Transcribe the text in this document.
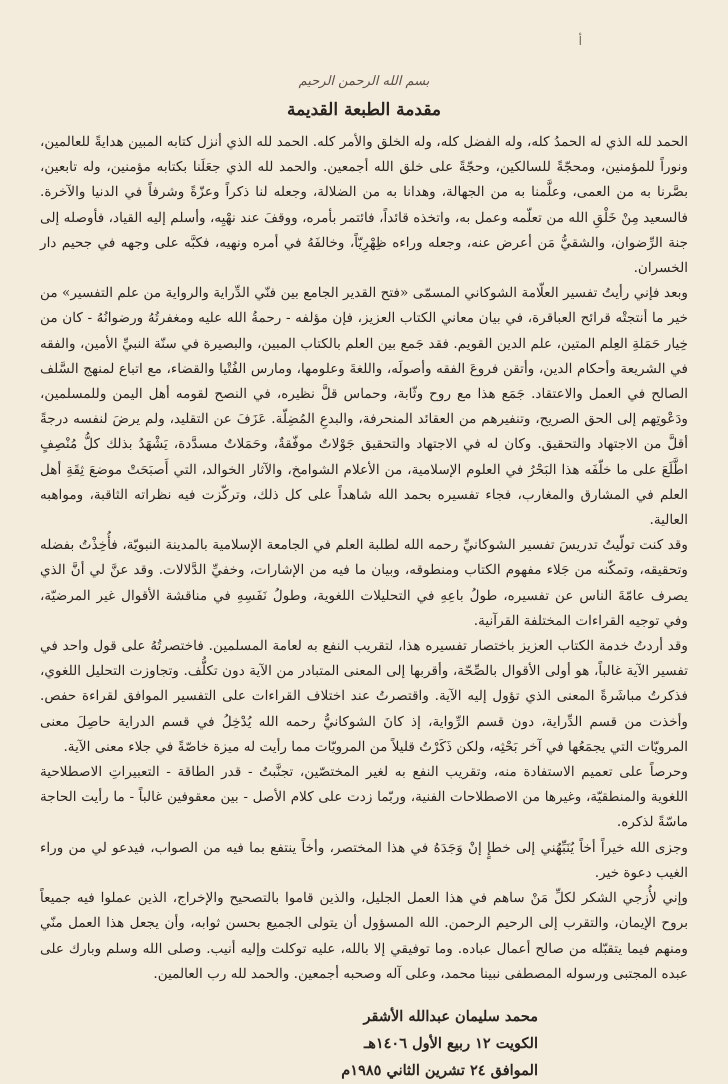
أ
بسم الله الرحمن الرحيم
مقدمة الطبعة القديمة

الحمد لله الذي له الحمدُ كله، وله الفضل كله، وله الخلق والأمر كله. الحمد لله الذي أنزل كتابه المبين هدايةً للعالمين، ونوراً للمؤمنين، ومحجّةً للسالكين، وحجّةً على خلق الله أجمعين. والحمد لله الذي جعَلَنا بكتابه مؤمنين، وله تابعين، بصَّرنا به من العمى، وعلَّمنا به من الجهالة، وهدانا به من الضلالة، وجعله لنا ذكراً وعزّةً وشرفاً في الدنيا والآخرة. فالسعيد مِنْ خَلْقِ الله من تعلّمه وعمل به، واتخذه قائداً، فائتمر بأمره، ووقفَ عند نهْيِه، وأسلم إليه القياد، فأوصله إلى جنة الرِّضوان، والشقيُّ مَن أعرض عنه، وجعله وراءه ظِهْرِيّاً، وخالفَهُ في أمره ونهيه، فكبَّه على وجهه في جحيم دار الخسران.

وبعد فإني رأيتُ تفسير العلّامة الشوكاني المسمّى «فتح القدير الجامع بين فنّي الدِّراية والرواية من علم التفسير» من خير ما أنتجتْه قرائح العباقرة، في بيان معاني الكتاب العزيز، فإن مؤلفه - رحمةُ الله عليه ومغفرتُهُ ورضوانُهُ - كان من خِيار حَمَلةِ العِلم المتين، علم الدين القويم. فقد جَمع بين العلم بالكتاب المبين، والبصيرة في سنّة النبيِّ الأمين، والفقه في الشريعة وأحكام الدين، وأتقن فروعَ الفقه وأصولَه، واللغةَ وعلومها، ومارس الفُتْيا والقضاء، مع اتباع لمنهج السَّلف الصالح في العمل والاعتقاد. جَمَع هذا مع روح وثّابة، وحماس قلَّ نظيره، في النصح لقومه أهل اليمن وللمسلمين، ودَعْوتِهم إلى الحق الصريح، وتنفيرهم من العقائد المنحرفة، والبدعِ المُضِلّة. عَزَفَ عن التقليد، ولم يرضَ لنفسه درجةً أقلَّ من الاجتهاد والتحقيق. وكان له في الاجتهاد والتحقيق جَوْلاتٌ موفّقةٌ، وحَمَلاتٌ مسدَّدة، يَشْهَدُ بذلك كلُّ مُنْصِفٍ اطَّلَعَ على ما خلّفَه هذا البَحْرُ في العلوم الإسلامية، من الأعلام الشوامخ، والآثار الخوالد، التي أَصبَحَتْ موضعَ ثِقَةِ أهل العلم في المشارق والمغارب، فجاء تفسيره بحمد الله شاهداً على كل ذلك، وتركّزت فيه نظراته الثاقبة، ومواهبه العالية.

وقد كنت تولّيتُ تدريسَ تفسير الشوكانيِّ رحمه الله لطلبة العلم في الجامعة الإسلامية بالمدينة النبويّة، فأُخِذْتُ بفضله وتحقيقه، وتمكّنه من جَلاء مفهوم الكتاب ومنطوقه، وبيان ما فيه من الإشارات، وخفيِّ الدَّلالات. وقد عنَّ لي أنَّ الذي يصرف عامّةَ الناس عن تفسيره، طولُ باعِهِ في التحليلات اللغوية، وطولُ نَفَسِهِ في مناقشة الأقوال غير المرضيّة، وفي توجيه القراءات المختلفة القرآنية.

وقد أردتُ خدمة الكتاب العزيز باختصار تفسيره هذا، لتقريب النفع به لعامة المسلمين. فاختصرتُهُ على قول واحد في تفسير الآية غالباً، هو أولى الأقوال بالصِّحّة، وأقربها إلى المعنى المتبادر من الآية دون تكلُّف. وتجاوزت التحليل اللغوي، فذكرتُ مباشَرةً المعنى الذي تؤول إليه الآية. واقتصرتُ عند اختلاف القراءات على التفسير الموافق لقراءة حفص. وأخذت من قسم الدِّراية، دون قسم الرِّواية، إذ كانَ الشوكانيُّ رحمه الله يُدْخِلُ في قسم الدراية حاصِلَ معنى المرويّات التي يجمَعُها في آخر بَحْثِه، ولكن ذَكَرْتُ قليلاً من المرويّات مما رأيت له ميزة خاصّةً في جلاء معنى الآية.

وحرصاً على تعميم الاستفادة منه، وتقريب النفع به لغير المختصّين، تجنَّبتُ - قدر الطاقة - التعبيراتِ الاصطلاحية اللغوية والمنطقيّة، وغيرها من الاصطلاحات الفنية، وربّما زدت على كلام الأصل - بين معقوفين غالباً - ما رأيت الحاجة ماسّةً لذكره.

وجزى الله خيراً أخاً يُنَبِّهُني إلى خطإٍ إنْ وَجَدَهُ في هذا المختصر، وأخاً ينتفع بما فيه من الصواب، فيدعو لي من وراء الغيب دعوة خير.

وإني لأُزجي الشكر لكلِّ مَنْ ساهم في هذا العمل الجليل، والذين قاموا بالتصحيح والإخراج، الذين عملوا فيه جميعاً بروح الإيمان، والتقرب إلى الرحيم الرحمن. الله المسؤول أن يتولى الجميع بحسن ثوابه، وأن يجعل هذا العمل منّي ومنهم فيما يتقبّله من صالح أعمال عباده. وما توفيقي إلا بالله، عليه توكلت وإليه أنيب. وصلى الله وسلم وبارك على عبده المجتبى ورسوله المصطفى نبينا محمد، وعلى آله وصحبه أجمعين. والحمد لله رب العالمين.

محمد سليمان عبدالله الأشقر
الكويت ١٢ ربيع الأول ١٤٠٦هـ
الموافق ٢٤ تشرين الثاني ١٩٨٥م
